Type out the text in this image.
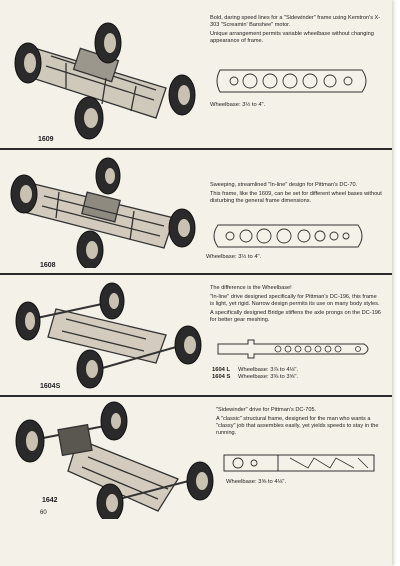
1609

Bold, daring speed lines for a "Sidewinder" frame using Kemtron's X-303 "Screamin' Banshee" motor.

Unique arrangement permits variable wheelbase without changing appearance of frame.

Wheelbase: 3½ to 4".
1608

Sweeping, streamlined "In-line" design for Pittman's DC-70.

This frame, like the 1609, can be set for different wheel bases without disturbing the general frame dimensions.

Wheelbase: 3½ to 4".
1604S

The difference is the Wheelbase!

"In-line" drive designed specifically for Pittman's DC-196, this frame is light, yet rigid. Narrow design permits its use on many body styles.

A specifically designed Bridge stiffens the axle prongs on the DC-196 for better gear meshing.

1604 L	Wheelbase: 3⅞ to 4⅛".
1604 S Wheelbase: 3⅜ to 3⅝".
1642

"Sidewinder" drive for Pittman's DC-705.

A "classic" structural frame, designed for the man who wants a "classy" job that assembles easily, yet yields speeds to stay in the running.

Wheelbase: 3⅝ to 4⅛".
60
